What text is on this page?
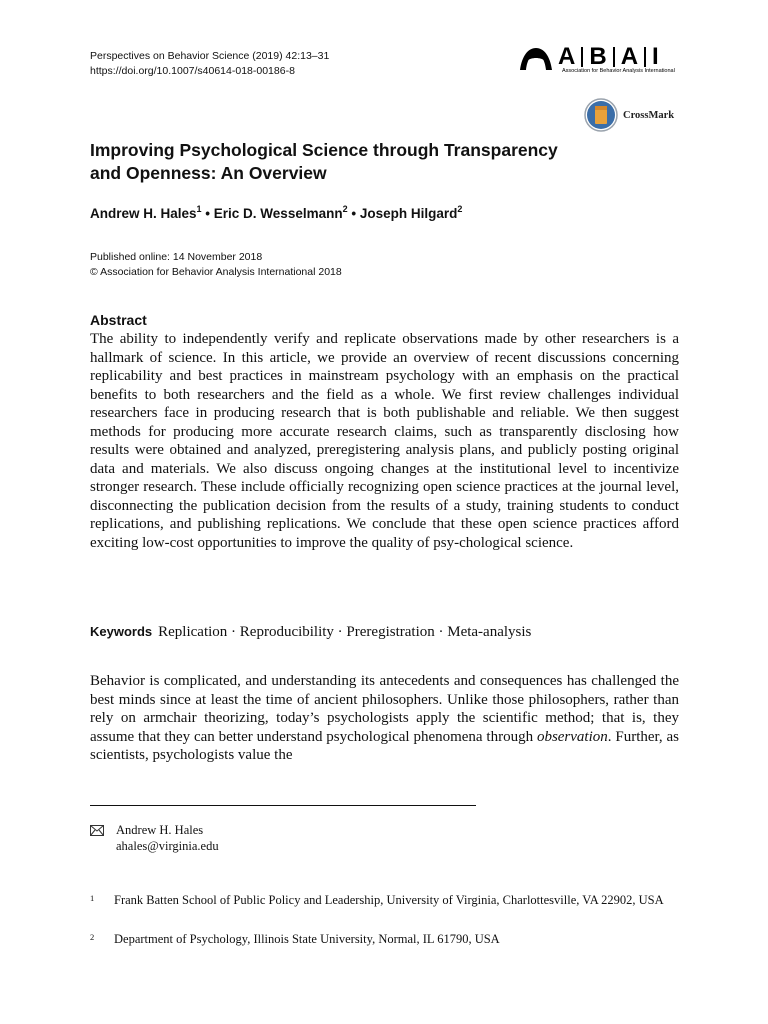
Perspectives on Behavior Science (2019) 42:13–31
https://doi.org/10.1007/s40614-018-00186-8
A B A I
Association for Behavior Analysis International
CrossMark
Improving Psychological Science through Transparency
and Openness: An Overview
Andrew H. Hales$^1$ • Eric D. Wesselmann$^2$ • Joseph Hilgard$^2$
Published online: 14 November 2018
© Association for Behavior Analysis International 2018
Abstract
The ability to independently verify and replicate observations made by other researchers is a hallmark of science. In this article, we provide an overview of recent discussions concerning replicability and best practices in mainstream psychology with an emphasis on the practical benefits to both researchers and the field as a whole. We first review challenges individual researchers face in producing research that is both publishable and reliable. We then suggest methods for producing more accurate research claims, such as transparently disclosing how results were obtained and analyzed, preregistering analysis plans, and publicly posting original data and materials. We also discuss ongoing changes at the institutional level to incentivize stronger research. These include officially recognizing open science practices at the journal level, disconnecting the publication decision from the results of a study, training students to conduct replications, and publishing replications. We conclude that these open science practices afford exciting low-cost opportunities to improve the quality of psy-chological science.
Keywords Replication · Reproducibility · Preregistration · Meta-analysis
Behavior is complicated, and understanding its antecedents and consequences has challenged the best minds since at least the time of ancient philosophers. Unlike those philosophers, rather than rely on armchair theorizing, today’s psychologists apply the scientific method; that is, they assume that they can better understand psychological phenomena through observation. Further, as scientists, psychologists value the
Andrew H. Hales
ahales@virginia.edu
1 Frank Batten School of Public Policy and Leadership, University of Virginia, Charlottesville, VA 22902, USA
2 Department of Psychology, Illinois State University, Normal, IL 61790, USA
